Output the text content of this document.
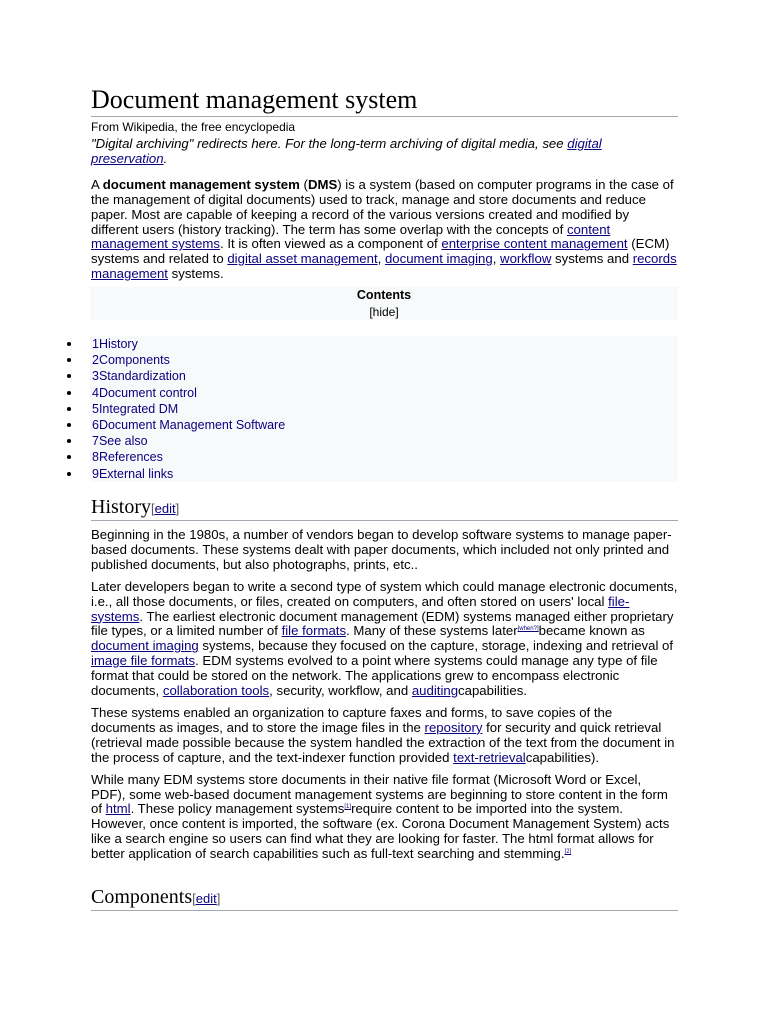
Document management system
From Wikipedia, the free encyclopedia

"Digital archiving" redirects here. For the long-term archiving of digital media, see digital preservation.

A document management system (DMS) is a system (based on computer programs in the case of the management of digital documents) used to track, manage and store documents and reduce paper. Most are capable of keeping a record of the various versions created and modified by different users (history tracking). The term has some overlap with the concepts of content management systems. It is often viewed as a component of enterprise content management (ECM) systems and related to digital asset management, document imaging, workflow systems and records management systems.

Contents
[hide]
1History
2Components
3Standardization
4Document control
5Integrated DM
6Document Management Software
7See also
8References
9External links
History[edit]

Beginning in the 1980s, a number of vendors began to develop software systems to manage paper-based documents. These systems dealt with paper documents, which included not only printed and published documents, but also photographs, prints, etc..

Later developers began to write a second type of system which could manage electronic documents, i.e., all those documents, or files, created on computers, and often stored on users' local file-systems. The earliest electronic document management (EDM) systems managed either proprietary file types, or a limited number of file formats. Many of these systems later[when?]became known as document imaging systems, because they focused on the capture, storage, indexing and retrieval of image file formats. EDM systems evolved to a point where systems could manage any type of file format that could be stored on the network. The applications grew to encompass electronic documents, collaboration tools, security, workflow, and auditingcapabilities.

These systems enabled an organization to capture faxes and forms, to save copies of the documents as images, and to store the image files in the repository for security and quick retrieval (retrieval made possible because the system handled the extraction of the text from the document in the process of capture, and the text-indexer function provided text-retrievalcapabilities).

While many EDM systems store documents in their native file format (Microsoft Word or Excel, PDF), some web-based document management systems are beginning to store content in the form of html. These policy management systems[1]require content to be imported into the system. However, once content is imported, the software (ex. Corona Document Management System) acts like a search engine so users can find what they are looking for faster. The html format allows for better application of search capabilities such as full-text searching and stemming.[2]

Components[edit]
